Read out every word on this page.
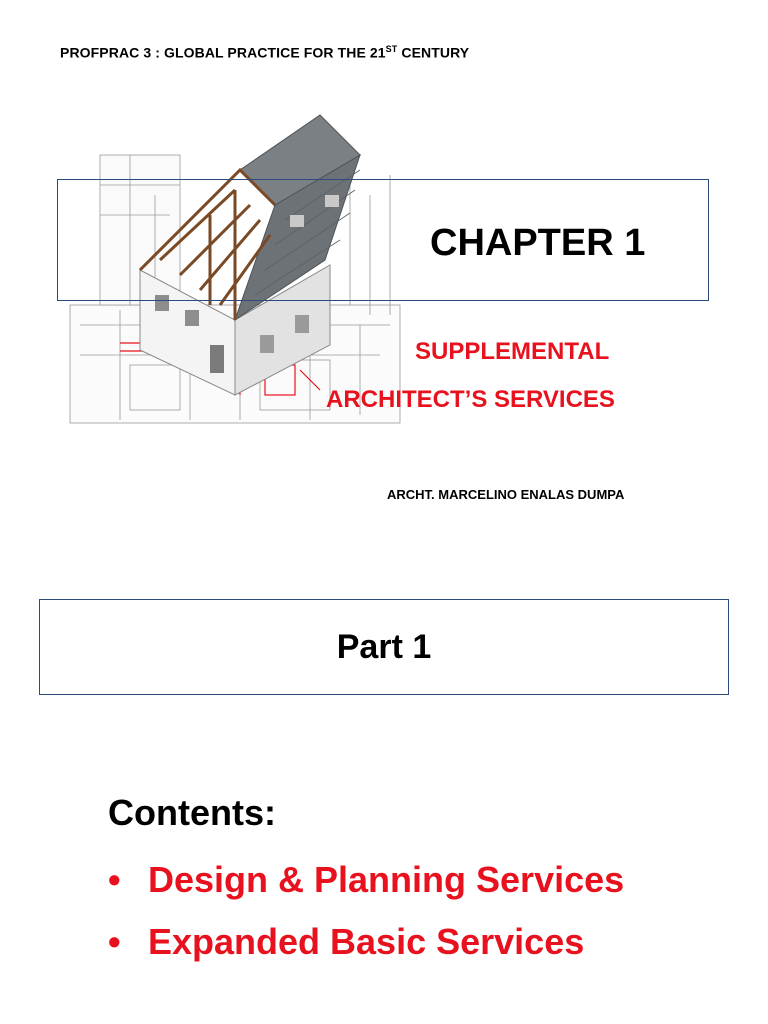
PROFPRAC 3 : GLOBAL PRACTICE FOR THE 21ST CENTURY
CHAPTER 1
SUPPLEMENTAL
ARCHITECT’S SERVICES
ARCHT. MARCELINO ENALAS DUMPA
Part 1
Contents:
• Design & Planning Services
• Expanded Basic Services
